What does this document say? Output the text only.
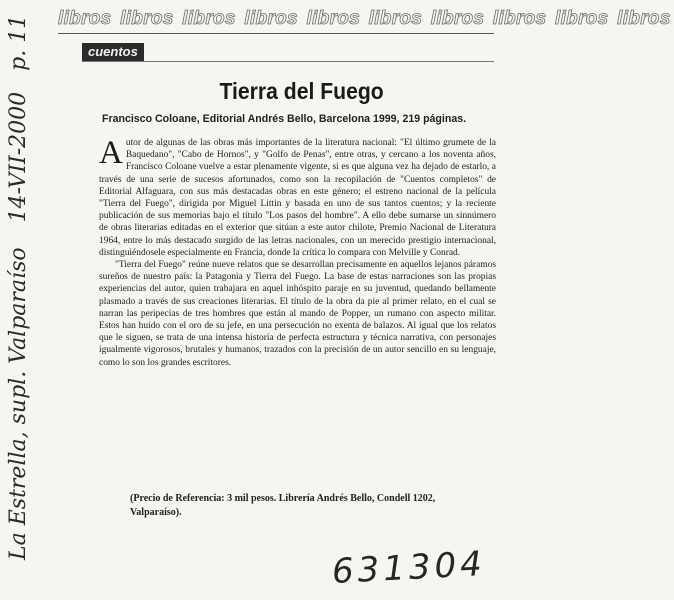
libros libros libros libros libros libros libros libros libros libros
cuentos
Tierra del Fuego
Francisco Coloane, Editorial Andrés Bello, Barcelona 1999, 219 páginas.

Autor de algunas de las obras más importantes de la literatura nacional: "El último grumete de la Baquedano", "Cabo de Hornos", y "Golfo de Penas", entre otras, y cercano a los noventa años, Francisco Coloane vuelve a estar plenamente vigente, si es que alguna vez ha dejado de estarlo, a través de una serie de sucesos afortunados, como son la recopilación de "Cuentos completos" de Editorial Alfaguara, con sus más destacadas obras en este género; el estreno nacional de la película "Tierra del Fuego", dirigida por Miguel Littin y basada en uno de sus tantos cuentos; y la reciente publicación de sus memorias bajo el título "Los pasos del hombre". A ello debe sumarse un sinnúmero de obras literarias editadas en el exterior que sitúan a este autor chilote, Premio Nacional de Literatura 1964, entre lo más destacado surgido de las letras nacionales, con un merecido prestigio internacional, distinguiéndosele especialmente en Francia, donde la crítica lo compara con Melville y Conrad.

"Tierra del Fuego" reúne nueve relatos que se desarrollan precisamente en aquellos lejanos páramos sureños de nuestro país: la Patagonia y Tierra del Fuego. La base de estas narraciones son las propias experiencias del autor, quien trabajara en aquel inhóspito paraje en su juventud, quedando bellamente plasmado a través de sus creaciones literarias. El título de la obra da pie al primer relato, en el cual se narran las peripecias de tres hombres que están al mando de Popper, un rumano con aspecto militar. Estos han huido con el oro de su jefe, en una persecución no exenta de balazos. Al igual que los relatos que le siguen, se trata de una intensa historia de perfecta estructura y técnica narrativa, con personajes igualmente vigorosos, brutales y humanos, trazados con la precisión de un autor sencillo en su lenguaje, como lo son los grandes escritores.

(Precio de Referencia: 3 mil pesos. Librería Andrés Bello, Condell 1202, Valparaíso).
La Estrella, supl. Valparaíso 14-VII-2000 p. 11
631304
